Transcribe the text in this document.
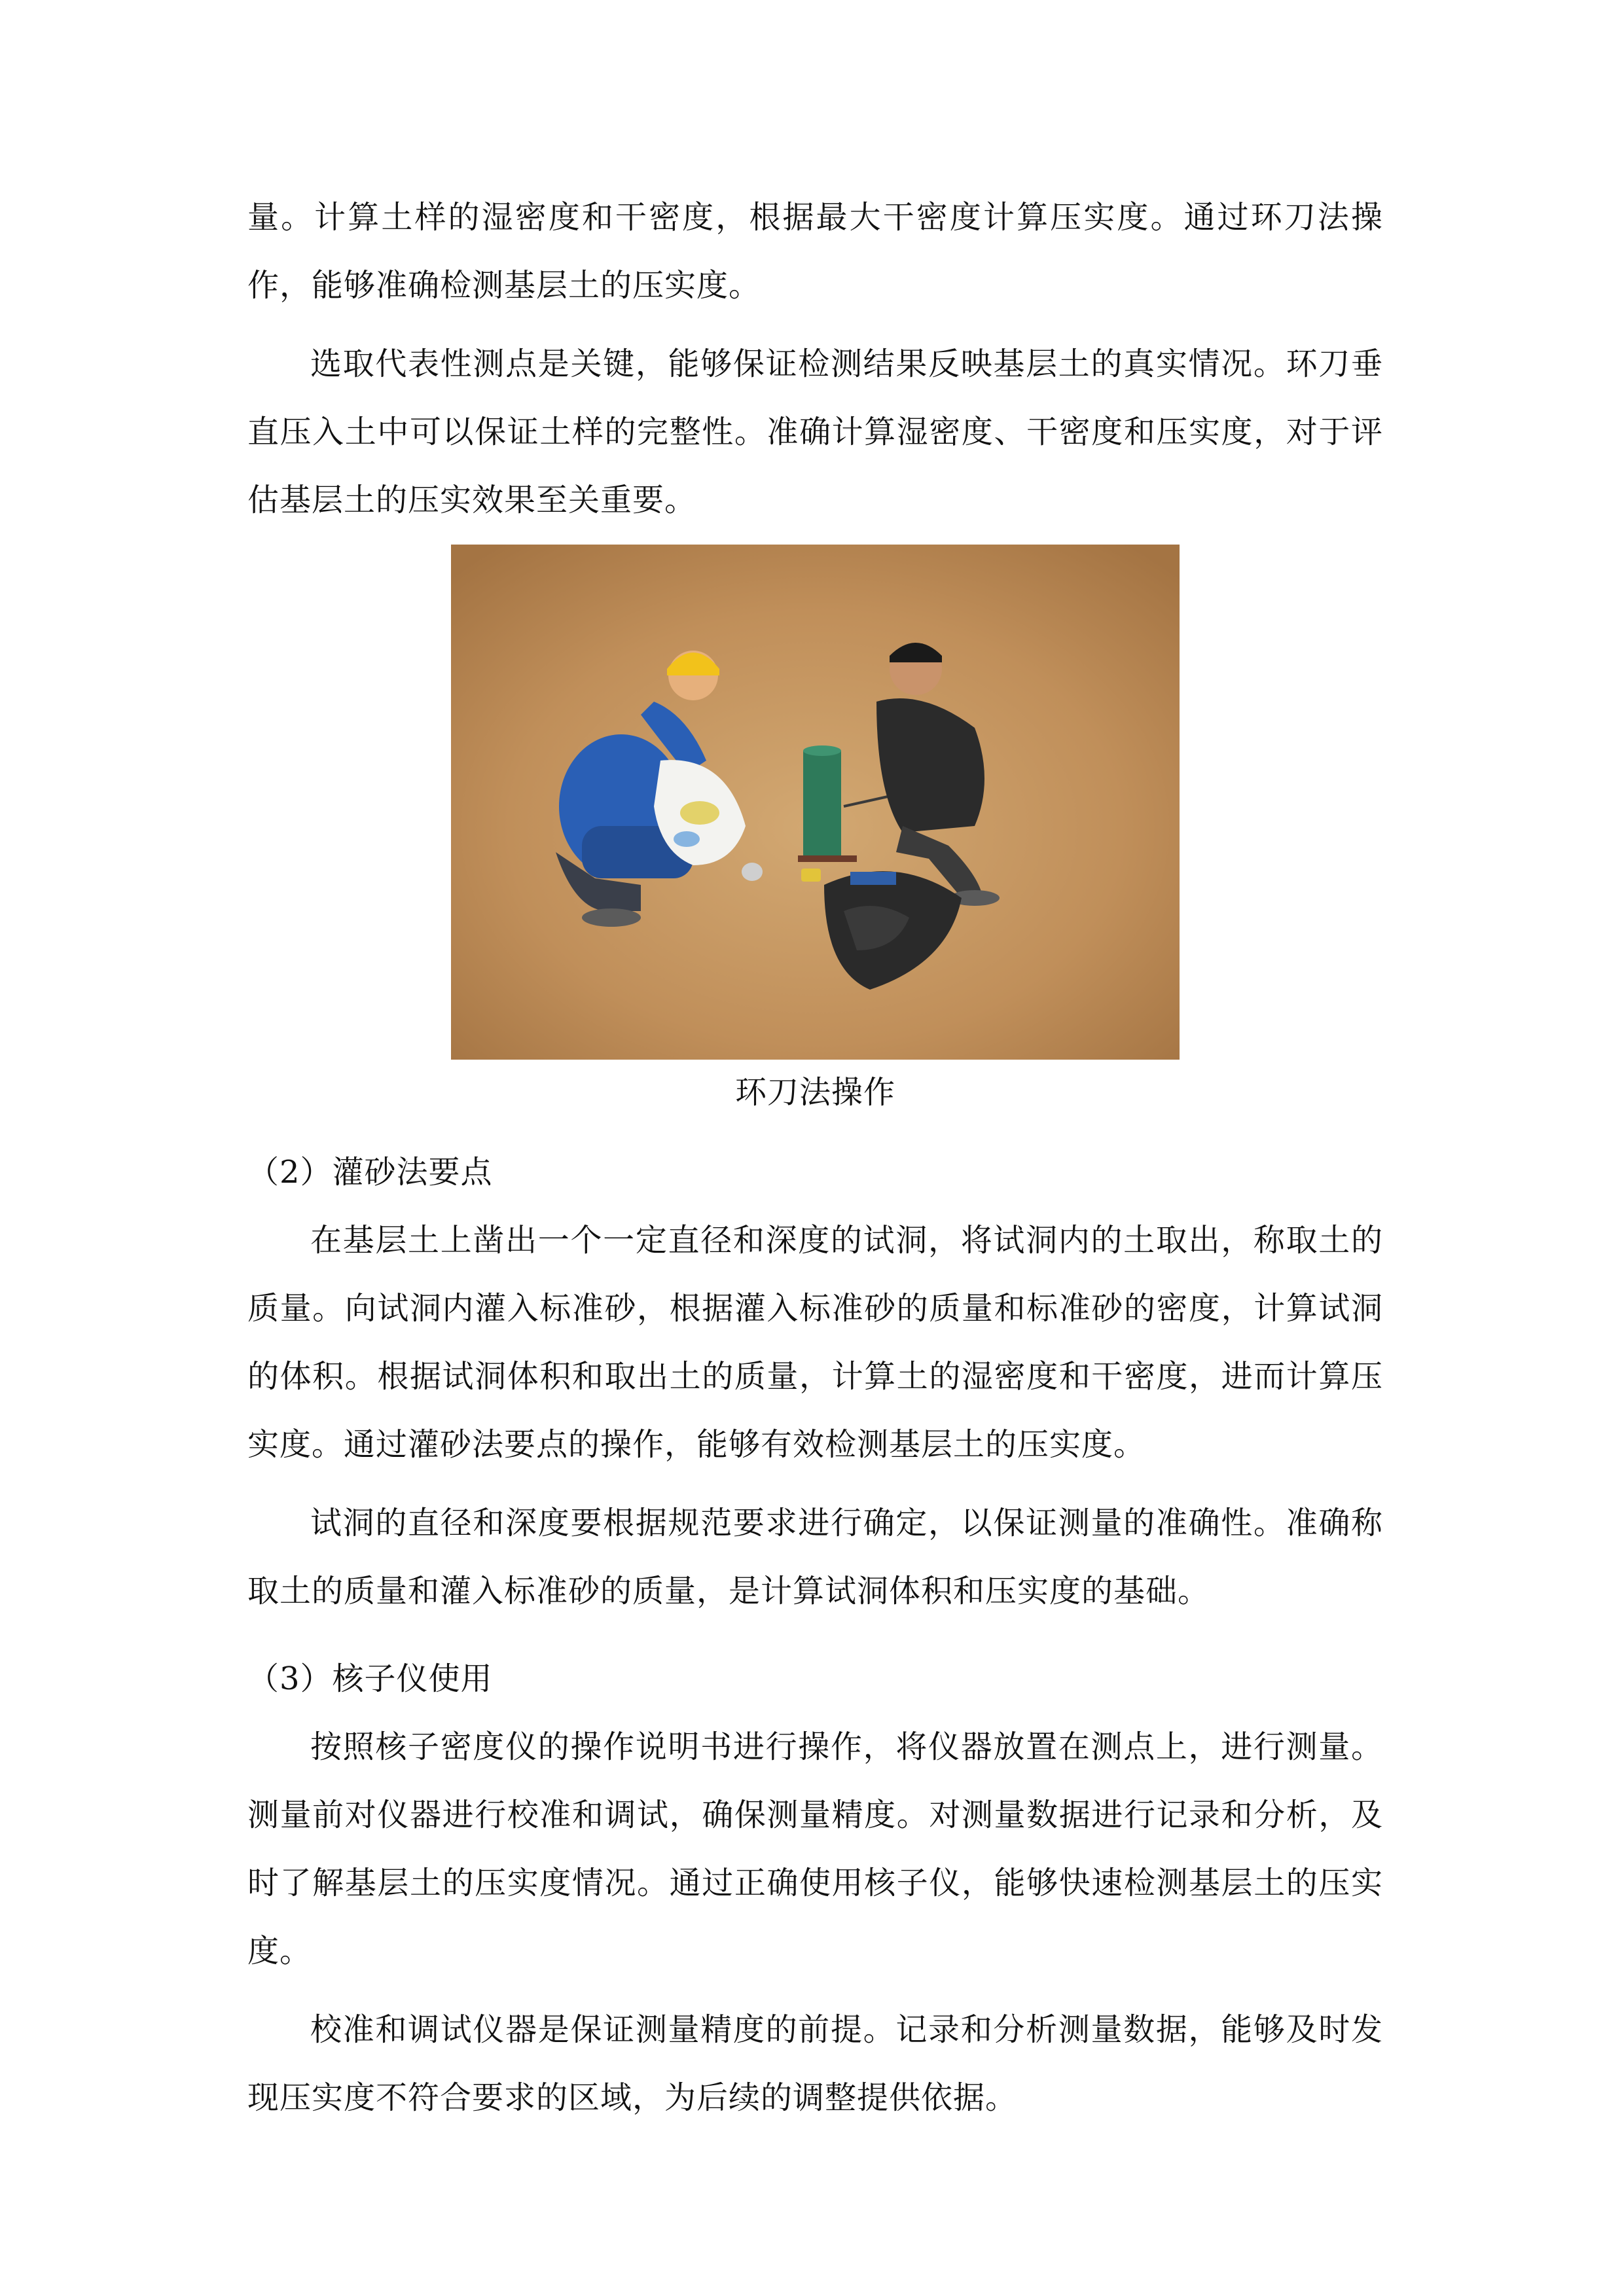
量。计算土样的湿密度和干密度，根据最大干密度计算压实度。通过环刀法操作，能够准确检测基层土的压实度。

选取代表性测点是关键，能够保证检测结果反映基层土的真实情况。环刀垂直压入土中可以保证土样的完整性。准确计算湿密度、干密度和压实度，对于评估基层土的压实效果至关重要。

环刀法操作

（2）灌砂法要点

在基层土上凿出一个一定直径和深度的试洞，将试洞内的土取出，称取土的质量。向试洞内灌入标准砂，根据灌入标准砂的质量和标准砂的密度，计算试洞的体积。根据试洞体积和取出土的质量，计算土的湿密度和干密度，进而计算压实度。通过灌砂法要点的操作，能够有效检测基层土的压实度。

试洞的直径和深度要根据规范要求进行确定，以保证测量的准确性。准确称取土的质量和灌入标准砂的质量，是计算试洞体积和压实度的基础。

（3）核子仪使用

按照核子密度仪的操作说明书进行操作，将仪器放置在测点上，进行测量。测量前对仪器进行校准和调试，确保测量精度。对测量数据进行记录和分析，及时了解基层土的压实度情况。通过正确使用核子仪，能够快速检测基层土的压实度。

校准和调试仪器是保证测量精度的前提。记录和分析测量数据，能够及时发现压实度不符合要求的区域，为后续的调整提供依据。
